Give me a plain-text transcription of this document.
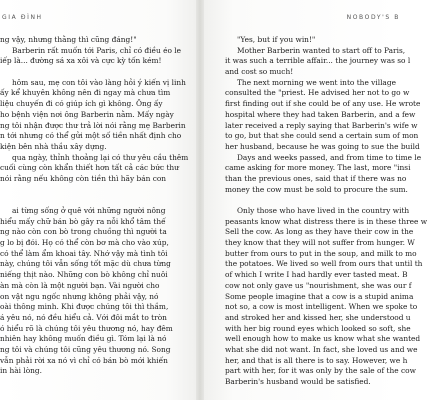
GIA ĐÌNH
ng vậy, nhưng thằng thì cũng đáng!"
Barberin rất muốn tới Paris, chỉ có điều éo le
iếp là... đường sá xa xôi và cực kỳ tốn kém!
hôm sau, mẹ con tôi vào làng hỏi ý kiến vị linh
ấy kể khuyên không nên đi ngay mà chưa tìm
liệu chuyến đi có giúp ích gì không. Ông ấy
ho bệnh viện nơi ông Barberin nằm. Mấy ngày
ng tôi nhận được thư trả lời nói rằng mẹ Barberin
n tới nhưng có thể gửi một số tiền nhất định cho
kiện bên nhà thầu xây dựng.
qua ngày, thỉnh thoảng lại có thư yêu cầu thêm
cuối cùng còn khẩn thiết hơn tất cả các bức thư
nói rằng nếu không còn tiền thì hãy bán con
ai từng sống ở quê với những người nông
hiểu mấy chữ bán bò gây ra nỗi khổ tâm thế
ng nào còn con bò trong chuồng thì người ta
g lo bị đói. Họ có thể còn bơ mà cho vào xúp,
có thể làm ẩm khoai tây. Nhớ vậy mà tình tôi
này, chúng tôi vẫn sống tốt mặc dù chưa từng
niếng thịt nào. Những con bò không chỉ nuôi
àn mà còn là một người bạn. Vài người cho
on vật ngu ngốc nhưng không phải vậy, nó
oài thông minh. Khi được chúng tôi thì thầm,
á yêu nó, nó đều hiểu cả. Với đôi mắt to tròn
ó hiểu rõ là chúng tôi yêu thương nó, hay đêm
nhiên hay không muốn điều gì. Tóm lại là nó
ng tôi và chúng tôi cũng yêu thương nó. Song
vẫn phải rời xa nó vì chỉ có bán bò mới khiến
in hài lòng.
NOBODY'S B
"Yes, but if you win!"
Mother Barberin wanted to start off to Paris,
it was such a terrible affair... the journey was so l
and cost so much!
The next morning we went into the village
consulted the "priest. He advised her not to go w
first finding out if she could be of any use. He wrote
hospital where they had taken Barberin, and a few
later received a reply saying that Barberin's wife w
to go, but that she could send a certain sum of mon
her husband, because he was going to sue the build
Days and weeks passed, and from time to time le
came asking for more money. The last, more "insi
than the previous ones, said that if there was no
money the cow must be sold to procure the sum.
Only those who have lived in the country with
peasants know what distress there is in these three w
Sell the cow. As long as they have their cow in the
they know that they will not suffer from hunger. W
butter from ours to put in the soup, and milk to mo
the potatoes. We lived so well from ours that until th
of which I write I had hardly ever tasted meat. B
cow not only gave us "nourishment, she was our f
Some people imagine that a cow is a stupid anima
not so, a cow is most intelligent. When we spoke to
and stroked her and kissed her, she understood u
with her big round eyes which looked so soft, she
well enough how to make us know what she wanted
what she did not want. In fact, she loved us and we
her, and that is all there is to say. However, we h
part with her, for it was only by the sale of the cow
Barberin's husband would be satisfied.
